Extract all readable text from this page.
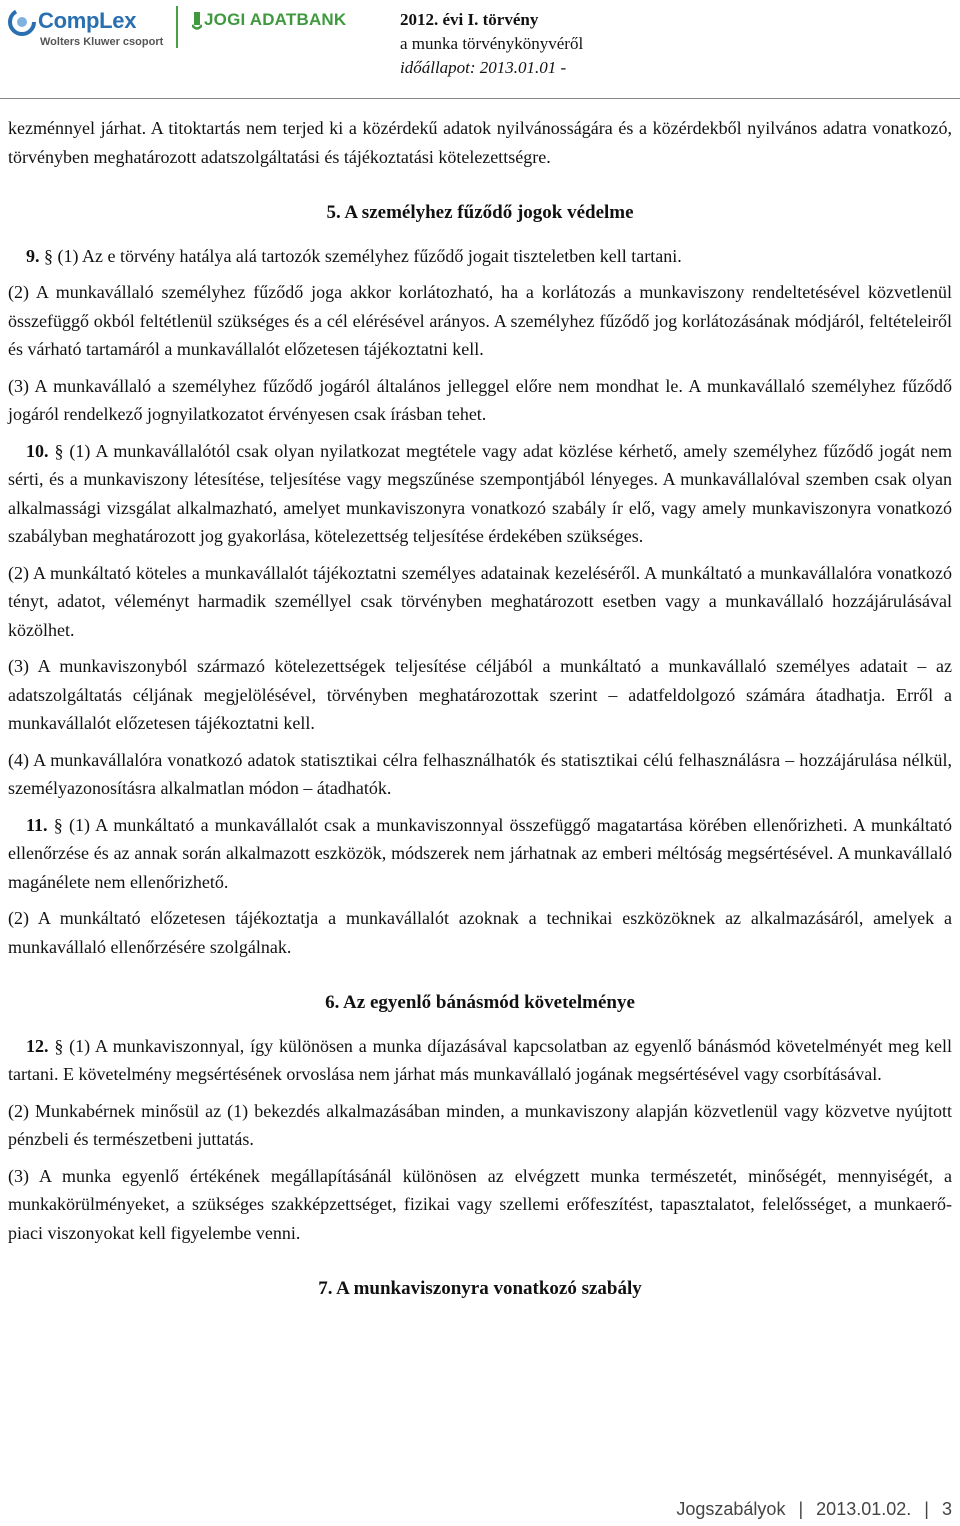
CompLex
Wolters Kluwer csoport
JOGI ADATBANK	2012. évi I. törvény
a munka törvénykönyvéről
időállapot: 2013.01.01 -

kezménnyel járhat. A titoktartás nem terjed ki a közérdekű adatok nyilvánosságára és a közérdekből nyilvános adatra vonatkozó, törvényben meghatározott adatszolgáltatási és tájékoztatási kötelezettségre.

5. A személyhez fűződő jogok védelme

9. § (1) Az e törvény hatálya alá tartozók személyhez fűződő jogait tiszteletben kell tartani.

(2) A munkavállaló személyhez fűződő joga akkor korlátozható, ha a korlátozás a munkaviszony rendeltetésével közvetlenül összefüggő okból feltétlenül szükséges és a cél elérésével arányos. A személyhez fűződő jog korlátozásának módjáról, feltételeiről és várható tartamáról a munkavállalót előzetesen tájékoztatni kell.

(3) A munkavállaló a személyhez fűződő jogáról általános jelleggel előre nem mondhat le. A munkavállaló személyhez fűződő jogáról rendelkező jognyilatkozatot érvényesen csak írásban tehet.

10. § (1) A munkavállalótól csak olyan nyilatkozat megtétele vagy adat közlése kérhető, amely személyhez fűződő jogát nem sérti, és a munkaviszony létesítése, teljesítése vagy megszűnése szempontjából lényeges. A munkavállalóval szemben csak olyan alkalmassági vizsgálat alkalmazható, amelyet munkaviszonyra vonatkozó szabály ír elő, vagy amely munkaviszonyra vonatkozó szabályban meghatározott jog gyakorlása, kötelezettség teljesítése érdekében szükséges.

(2) A munkáltató köteles a munkavállalót tájékoztatni személyes adatainak kezeléséről. A munkáltató a munkavállalóra vonatkozó tényt, adatot, véleményt harmadik személlyel csak törvényben meghatározott esetben vagy a munkavállaló hozzájárulásával közölhet.

(3) A munkaviszonyból származó kötelezettségek teljesítése céljából a munkáltató a munkavállaló személyes adatait – az adatszolgáltatás céljának megjelölésével, törvényben meghatározottak szerint – adatfeldolgozó számára átadhatja. Erről a munkavállalót előzetesen tájékoztatni kell.

(4) A munkavállalóra vonatkozó adatok statisztikai célra felhasználhatók és statisztikai célú felhasználásra – hozzájárulása nélkül, személyazonosításra alkalmatlan módon – átadhatók.

11. § (1) A munkáltató a munkavállalót csak a munkaviszonnyal összefüggő magatartása körében ellenőrizheti. A munkáltató ellenőrzése és az annak során alkalmazott eszközök, módszerek nem járhatnak az emberi méltóság megsértésével. A munkavállaló magánélete nem ellenőrizhető.

(2) A munkáltató előzetesen tájékoztatja a munkavállalót azoknak a technikai eszközöknek az alkalmazásáról, amelyek a munkavállaló ellenőrzésére szolgálnak.

6. Az egyenlő bánásmód követelménye

12. § (1) A munkaviszonnyal, így különösen a munka díjazásával kapcsolatban az egyenlő bánásmód követelményét meg kell tartani. E követelmény megsértésének orvoslása nem járhat más munkavállaló jogának megsértésével vagy csorbításával.

(2) Munkabérnek minősül az (1) bekezdés alkalmazásában minden, a munkaviszony alapján közvetlenül vagy közvetve nyújtott pénzbeli és természetbeni juttatás.

(3) A munka egyenlő értékének megállapításánál különösen az elvégzett munka természetét, minőségét, mennyiségét, a munkakörülményeket, a szükséges szakképzettséget, fizikai vagy szellemi erőfeszítést, tapasztalatot, felelősséget, a munkaerő-piaci viszonyokat kell figyelembe venni.

7. A munkaviszonyra vonatkozó szabály

Jogszabályok | 2013.01.02. | 3
